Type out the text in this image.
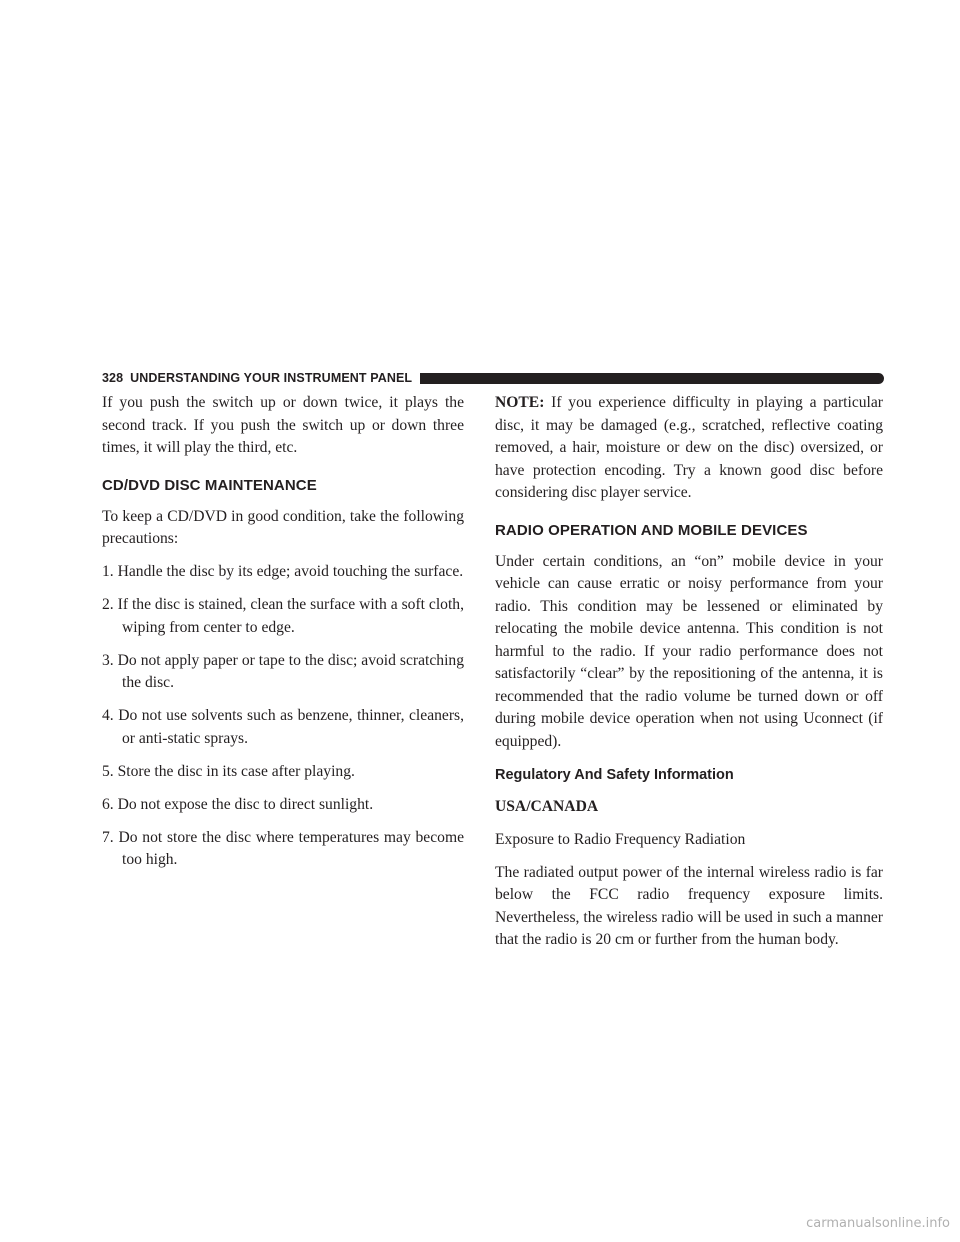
328 UNDERSTANDING YOUR INSTRUMENT PANEL

If you push the switch up or down twice, it plays the second track. If you push the switch up or down three times, it will play the third, etc.

CD/DVD DISC MAINTENANCE

To keep a CD/DVD in good condition, take the following precautions:

1. Handle the disc by its edge; avoid touching the surface.

2. If the disc is stained, clean the surface with a soft cloth, wiping from center to edge.

3. Do not apply paper or tape to the disc; avoid scratching the disc.

4. Do not use solvents such as benzene, thinner, cleaners, or anti-static sprays.

5. Store the disc in its case after playing.

6. Do not expose the disc to direct sunlight.

7. Do not store the disc where temperatures may become too high.

NOTE: If you experience difficulty in playing a particular disc, it may be damaged (e.g., scratched, reflective coating removed, a hair, moisture or dew on the disc) oversized, or have protection encoding. Try a known good disc before considering disc player service.

RADIO OPERATION AND MOBILE DEVICES

Under certain conditions, an “on” mobile device in your vehicle can cause erratic or noisy performance from your radio. This condition may be lessened or eliminated by relocating the mobile device antenna. This condition is not harmful to the radio. If your radio performance does not satisfactorily “clear” by the repositioning of the antenna, it is recommended that the radio volume be turned down or off during mobile device operation when not using Uconnect (if equipped).

Regulatory And Safety Information

USA/CANADA

Exposure to Radio Frequency Radiation

The radiated output power of the internal wireless radio is far below the FCC radio frequency exposure limits. Nevertheless, the wireless radio will be used in such a manner that the radio is 20 cm or further from the human body.

carmanualsonline.info
